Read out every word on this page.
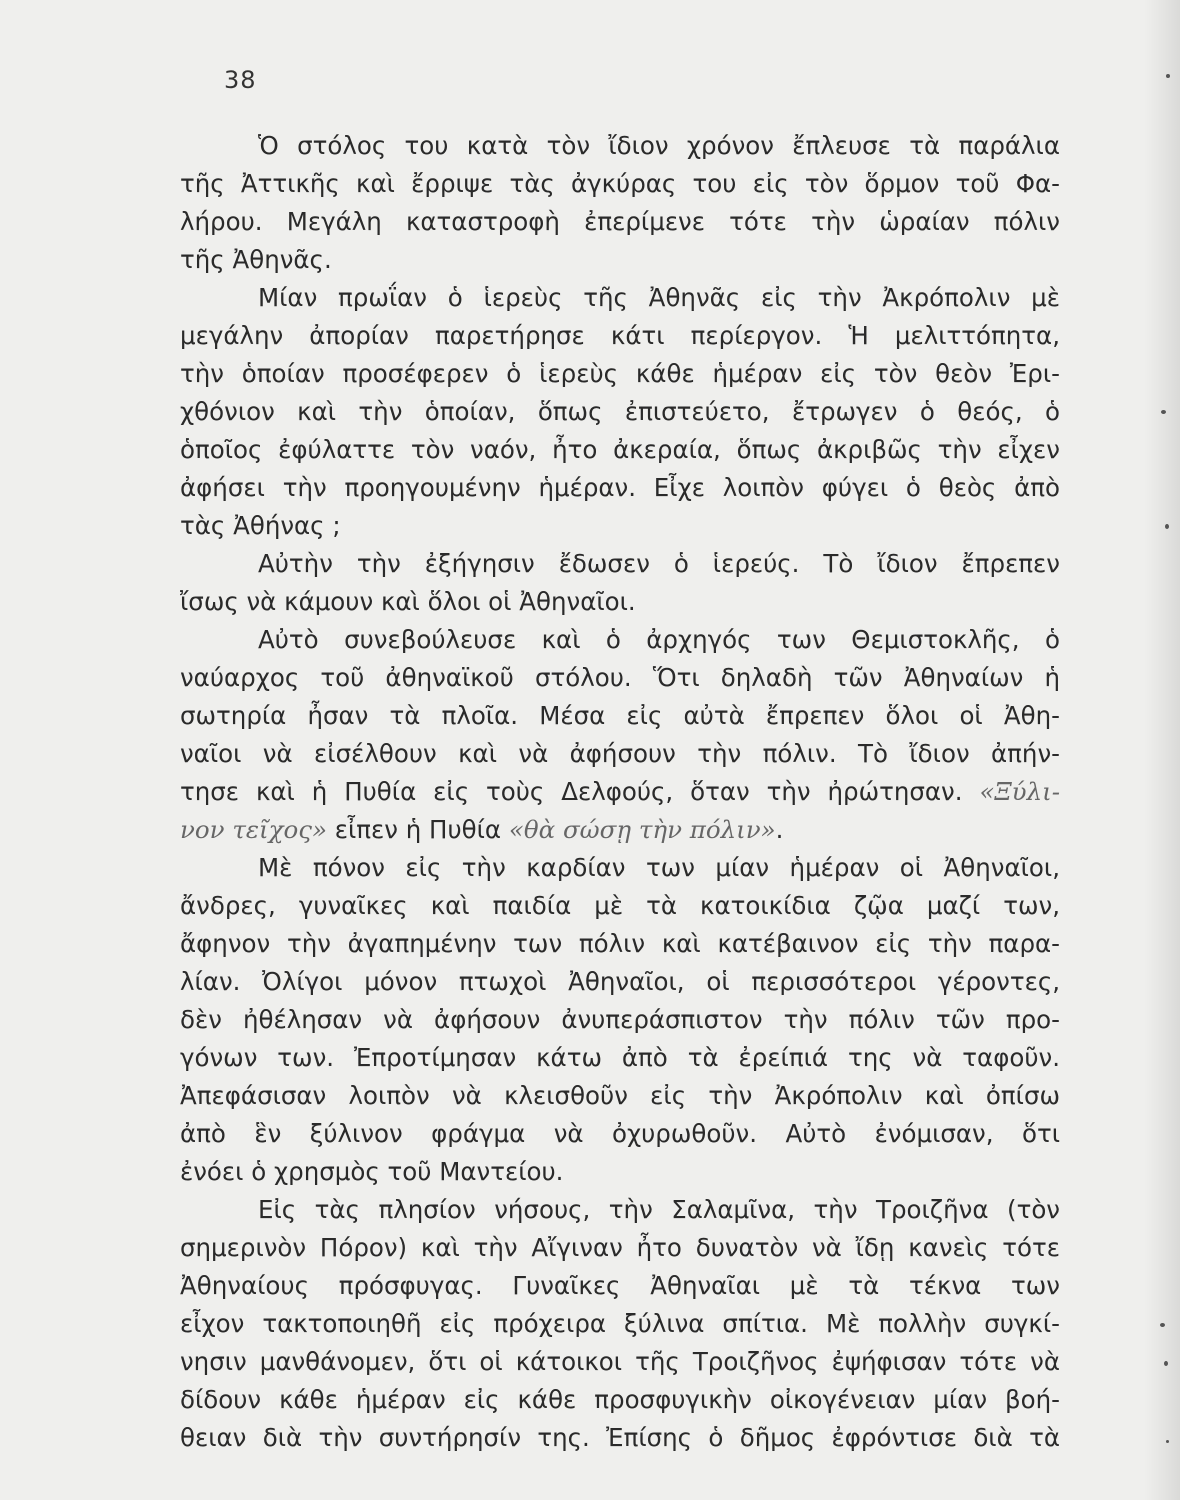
38
Ὁ στόλος του κατὰ τὸν ἴδιον χρόνον ἔπλευσε τὰ παράλια
τῆς Ἀττικῆς καὶ ἔρριψε τὰς ἀγκύρας του εἰς τὸν ὅρμον τοῦ Φα-
λήρου. Μεγάλη καταστροφὴ ἐπερίμενε τότε τὴν ὡραίαν πόλιν
τῆς Ἀθηνᾶς.
Μίαν πρωΐαν ὁ ἱερεὺς τῆς Ἀθηνᾶς εἰς τὴν Ἀκρόπολιν μὲ
μεγάλην ἀπορίαν παρετήρησε κάτι περίεργον. Ἡ μελιττόπητα,
τὴν ὁποίαν προσέφερεν ὁ ἱερεὺς κάθε ἡμέραν εἰς τὸν θεὸν Ἐρι-
χθόνιον καὶ τὴν ὁποίαν, ὅπως ἐπιστεύετο, ἔτρωγεν ὁ θεός, ὁ
ὁποῖος ἐφύλαττε τὸν ναόν, ἦτο ἀκεραία, ὅπως ἀκριβῶς τὴν εἶχεν
ἀφήσει τὴν προηγουμένην ἡμέραν. Εἶχε λοιπὸν φύγει ὁ θεὸς ἀπὸ
τὰς Ἀθήνας ;
Αὐτὴν τὴν ἐξήγησιν ἔδωσεν ὁ ἱερεύς. Τὸ ἴδιον ἔπρεπεν
ἴσως νὰ κάμουν καὶ ὅλοι οἱ Ἀθηναῖοι.
Αὐτὸ συνεβούλευσε καὶ ὁ ἀρχηγός των Θεμιστοκλῆς, ὁ
ναύαρχος τοῦ ἀθηναϊκοῦ στόλου. Ὅτι δηλαδὴ τῶν Ἀθηναίων ἡ
σωτηρία ἦσαν τὰ πλοῖα. Μέσα εἰς αὐτὰ ἔπρεπεν ὅλοι οἱ Ἀθη-
ναῖοι νὰ εἰσέλθουν καὶ νὰ ἀφήσουν τὴν πόλιν. Τὸ ἴδιον ἀπήν-
τησε καὶ ἡ Πυθία εἰς τοὺς Δελφούς, ὅταν τὴν ἠρώτησαν. «Ξύλι-
νον τεῖχος» εἶπεν ἡ Πυθία «θὰ σώσῃ τὴν πόλιν».
Μὲ πόνον εἰς τὴν καρδίαν των μίαν ἡμέραν οἱ Ἀθηναῖοι,
ἄνδρες, γυναῖκες καὶ παιδία μὲ τὰ κατοικίδια ζῷα μαζί των,
ἄφηνον τὴν ἀγαπημένην των πόλιν καὶ κατέβαινον εἰς τὴν παρα-
λίαν. Ὀλίγοι μόνον πτωχοὶ Ἀθηναῖοι, οἱ περισσότεροι γέροντες,
δὲν ἠθέλησαν νὰ ἀφήσουν ἀνυπεράσπιστον τὴν πόλιν τῶν προ-
γόνων των. Ἐπροτίμησαν κάτω ἀπὸ τὰ ἐρείπιά της νὰ ταφοῦν.
Ἀπεφάσισαν λοιπὸν νὰ κλεισθοῦν εἰς τὴν Ἀκρόπολιν καὶ ὀπίσω
ἀπὸ ἓν ξύλινον φράγμα νὰ ὀχυρωθοῦν. Αὐτὸ ἐνόμισαν, ὅτι
ἐνόει ὁ χρησμὸς τοῦ Μαντείου.
Εἰς τὰς πλησίον νήσους, τὴν Σαλαμῖνα, τὴν Τροιζῆνα (τὸν
σημερινὸν Πόρον) καὶ τὴν Αἴγιναν ἦτο δυνατὸν νὰ ἴδῃ κανεὶς τότε
Ἀθηναίους πρόσφυγας. Γυναῖκες Ἀθηναῖαι μὲ τὰ τέκνα των
εἶχον τακτοποιηθῆ εἰς πρόχειρα ξύλινα σπίτια. Μὲ πολλὴν συγκί-
νησιν μανθάνομεν, ὅτι οἱ κάτοικοι τῆς Τροιζῆνος ἐψήφισαν τότε νὰ
δίδουν κάθε ἡμέραν εἰς κάθε προσφυγικὴν οἰκογένειαν μίαν βοή-
θειαν διὰ τὴν συντήρησίν της. Ἐπίσης ὁ δῆμος ἐφρόντισε διὰ τὰ
